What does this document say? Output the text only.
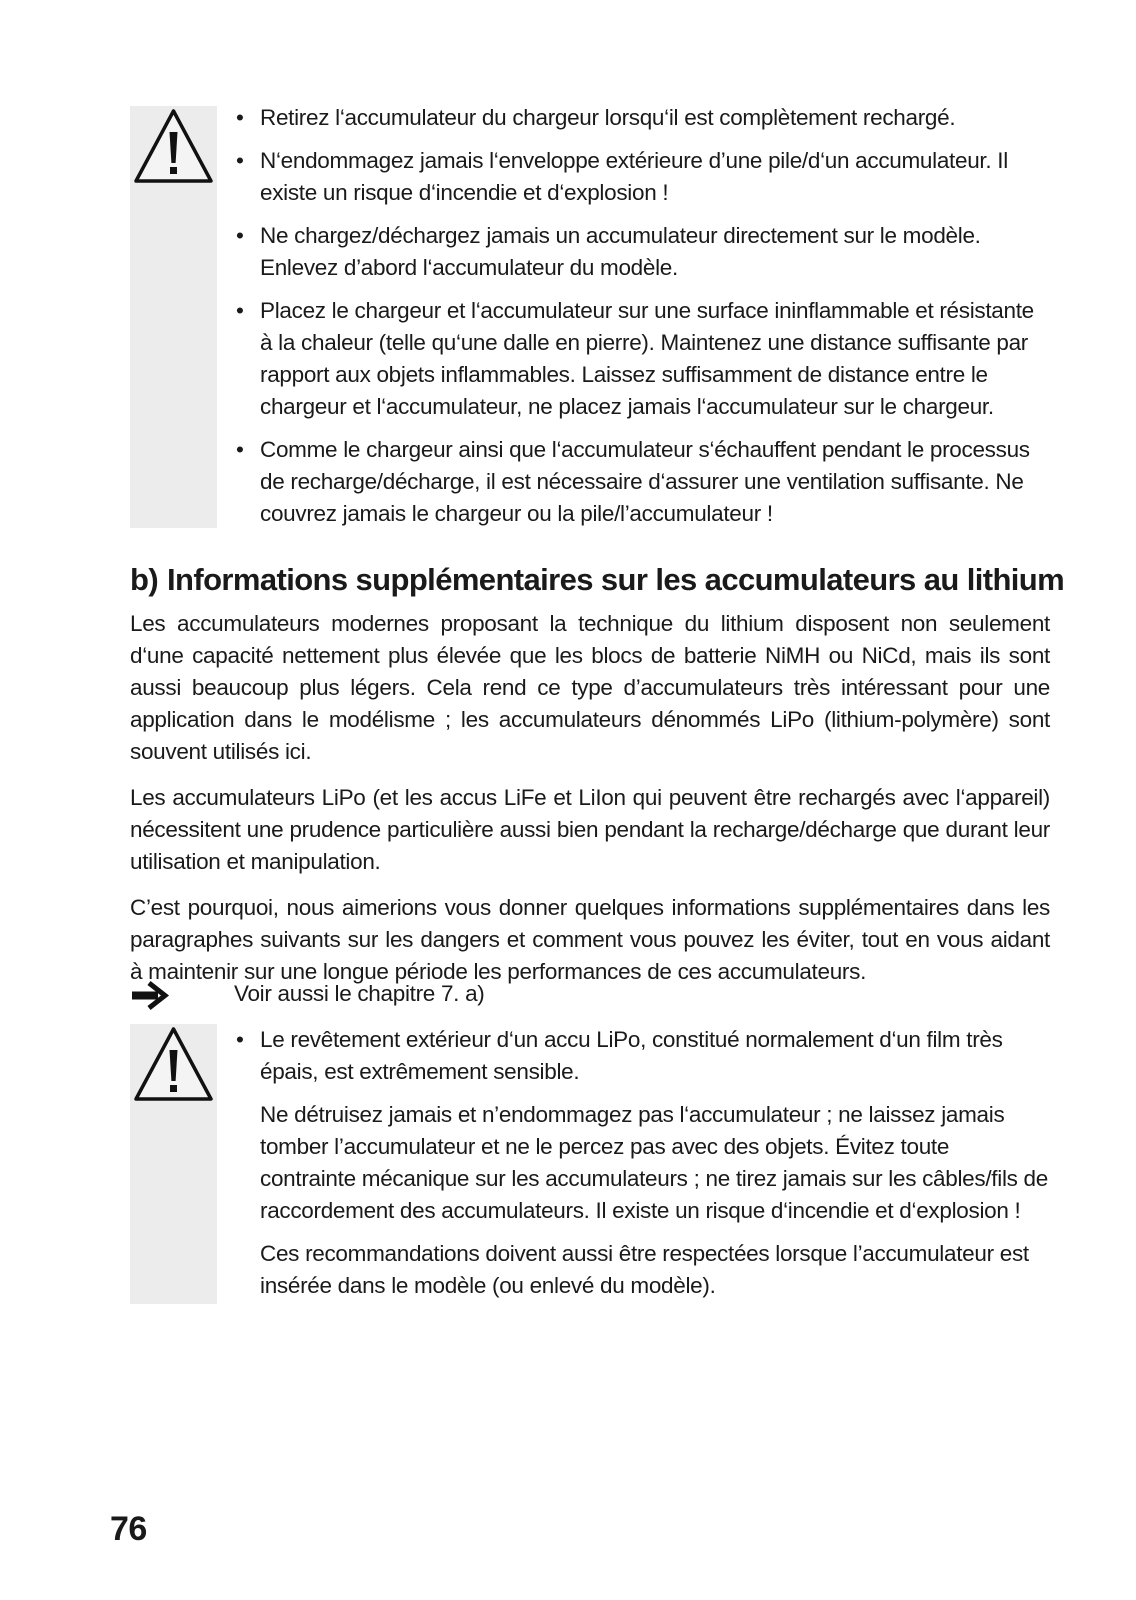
• Retirez l‘accumulateur du chargeur lorsqu‘il est complètement rechargé.
• N‘endommagez jamais l‘enveloppe extérieure d’une pile/d‘un accumulateur. Il existe un risque d‘incendie et d‘explosion !
• Ne chargez/déchargez jamais un accumulateur directement sur le modèle. Enlevez d’abord l‘accumulateur du modèle.
• Placez le chargeur et l‘accumulateur sur une surface ininflammable et résistante à la chaleur (telle qu‘une dalle en pierre). Maintenez une distance suffisante par rapport aux objets inflammables. Laissez suffisamment de distance entre le chargeur et l‘accumulateur, ne placez jamais l‘accumulateur sur le chargeur.
• Comme le chargeur ainsi que l‘accumulateur s‘échauffent pendant le processus de recharge/décharge, il est nécessaire d‘assurer une ventilation suffisante. Ne couvrez jamais le chargeur ou la pile/l’accumulateur !
b) Informations supplémentaires sur les accumulateurs au lithium

Les accumulateurs modernes proposant la technique du lithium disposent non seulement d‘une capacité nettement plus élevée que les blocs de batterie NiMH ou NiCd, mais ils sont aussi beaucoup plus légers. Cela rend ce type d’accumulateurs très intéressant pour une application dans le modélisme ; les accumulateurs dénommés LiPo (lithium-polymère) sont souvent utilisés ici.

Les accumulateurs LiPo (et les accus LiFe et LiIon qui peuvent être rechargés avec l‘appareil) nécessitent une prudence particulière aussi bien pendant la recharge/décharge que durant leur utilisation et manipulation.

C’est pourquoi, nous aimerions vous donner quelques informations supplémentaires dans les paragraphes suivants sur les dangers et comment vous pouvez les éviter, tout en vous aidant à maintenir sur une longue période les performances de ces accumulateurs.

Voir aussi le chapitre 7. a)
• Le revêtement extérieur d‘un accu LiPo, constitué normalement d‘un film très épais, est extrêmement sensible.

Ne détruisez jamais et n’endommagez pas l‘accumulateur ; ne laissez jamais tomber l’accumulateur et ne le percez pas avec des objets. Évitez toute contrainte mécanique sur les accumulateurs ; ne tirez jamais sur les câbles/fils de raccordement des accumulateurs. Il existe un risque d‘incendie et d‘explosion !

Ces recommandations doivent aussi être respectées lorsque l’accumulateur est insérée dans le modèle (ou enlevé du modèle).

76
